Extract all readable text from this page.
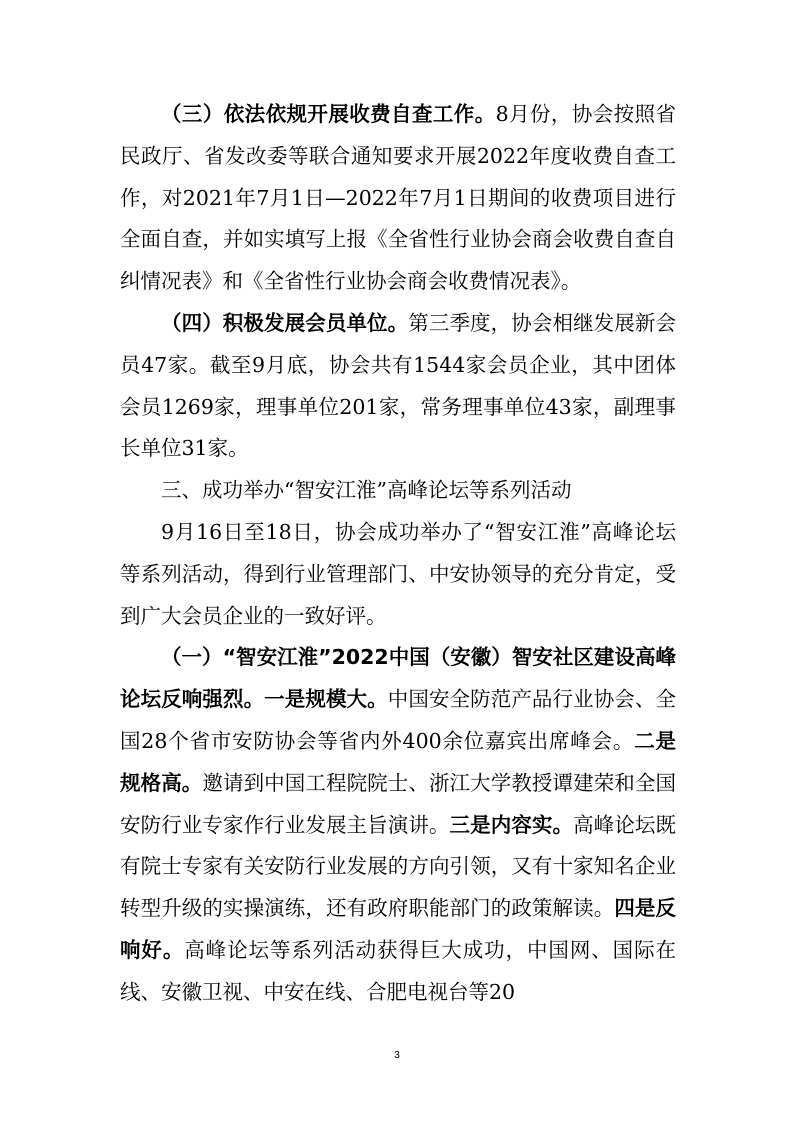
（三）依法依规开展收费自查工作。8月份，协会按照省民政厅、省发改委等联合通知要求开展2022年度收费自查工作，对2021年7月1日—2022年7月1日期间的收费项目进行全面自查，并如实填写上报《全省性行业协会商会收费自查自纠情况表》和《全省性行业协会商会收费情况表》。

（四）积极发展会员单位。第三季度，协会相继发展新会员47家。截至9月底，协会共有1544家会员企业，其中团体会员1269家，理事单位201家，常务理事单位43家，副理事长单位31家。

三、成功举办“智安江淮”高峰论坛等系列活动

9月16日至18日，协会成功举办了“智安江淮”高峰论坛等系列活动，得到行业管理部门、中安协领导的充分肯定，受到广大会员企业的一致好评。

（一）“智安江淮”2022中国（安徽）智安社区建设高峰论坛反响强烈。一是规模大。中国安全防范产品行业协会、全国28个省市安防协会等省内外400余位嘉宾出席峰会。二是规格高。邀请到中国工程院院士、浙江大学教授谭建荣和全国安防行业专家作行业发展主旨演讲。三是内容实。高峰论坛既有院士专家有关安防行业发展的方向引领，又有十家知名企业转型升级的实操演练，还有政府职能部门的政策解读。四是反响好。高峰论坛等系列活动获得巨大成功，中国网、国际在线、安徽卫视、中安在线、合肥电视台等20

3
